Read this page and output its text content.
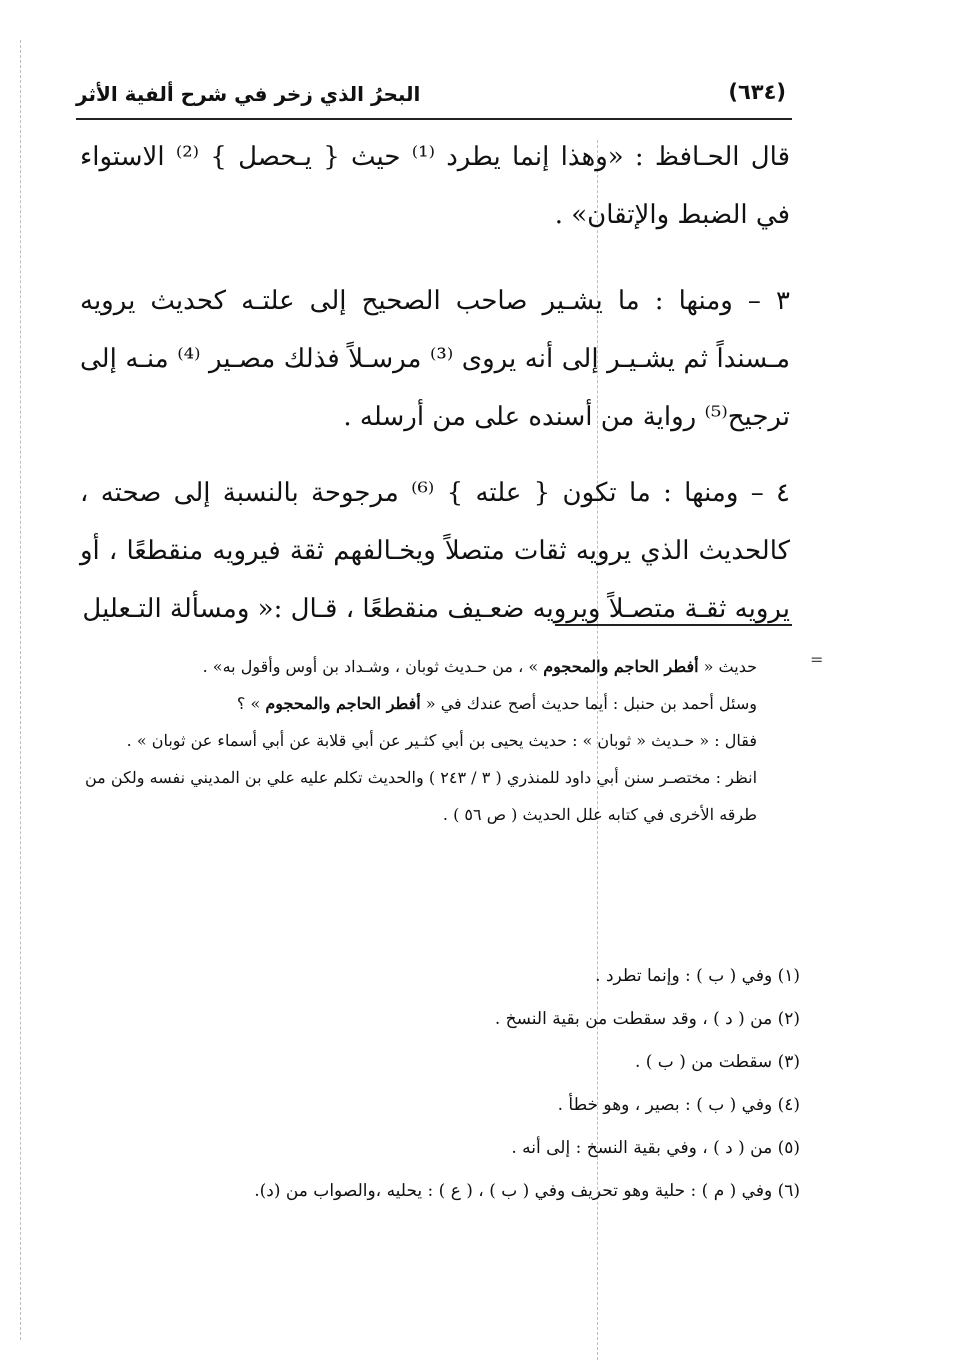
البحرُ الذي زخر في شرح ألفية الأثر	(٦٣٤)

قال الحـافظ : «وهذا إنما يطرد ⁽¹⁾ حيث { يـحصل } ⁽²⁾ الاستواء في الضبط والإتقان» .

٣ – ومنها : ما يشـير صاحب الصحيح إلى علتـه كحديث يرويه مـسنداً ثم يشـيـر إلى أنه يروى ⁽³⁾ مرسـلاً فذلك مصـير ⁽⁴⁾ منـه إلى ترجيح⁽⁵⁾ رواية من أسنده على من أرسله .

٤ – ومنها : ما تكون { علته } ⁽⁶⁾ مرجوحة بالنسبة إلى صحته ، كالحديث الذي يرويه ثقات متصلاً ويخـالفهم ثقة فيرويه منقطعًا ، أو يرويه ثقـة متصـلاً ويرويه ضعـيف منقطعًا ، قـال :« ومسألة التـعليل

=

حديث « أفطر الحاجم والمحجوم » ، من حـديث ثوبان ، وشـداد بن أوس وأقول به» .

وسئل أحمد بن حنبل : أيما حديث أصح عندك في « أفطر الحاجم والمحجوم » ؟

فقال : « حـديث « ثوبان » : حديث يحيى بن أبي كثـير عن أبي قلابة عن أبي أسماء عن ثوبان » .

انظر : مختصـر سنن أبي داود للمنذري ( ٣ / ٢٤٣ ) والحديث تكلم عليه علي بن المديني نفسه ولكن من طرقه الأخرى في كتابه علل الحديث ( ص ٥٦ ) .

(١) وفي ( ب ) : وإنما تطرد .

(٢) من ( د ) ، وقد سقطت من بقية النسخ .

(٣) سقطت من ( ب ) .

(٤) وفي ( ب ) : بصير ، وهو خطأ .

(٥) من ( د ) ، وفي بقية النسخ : إلى أنه .

(٦) وفي ( م ) : حلية وهو تحريف وفي ( ب ) ، ( ع ) : يحليه ،والصواب من (د).
